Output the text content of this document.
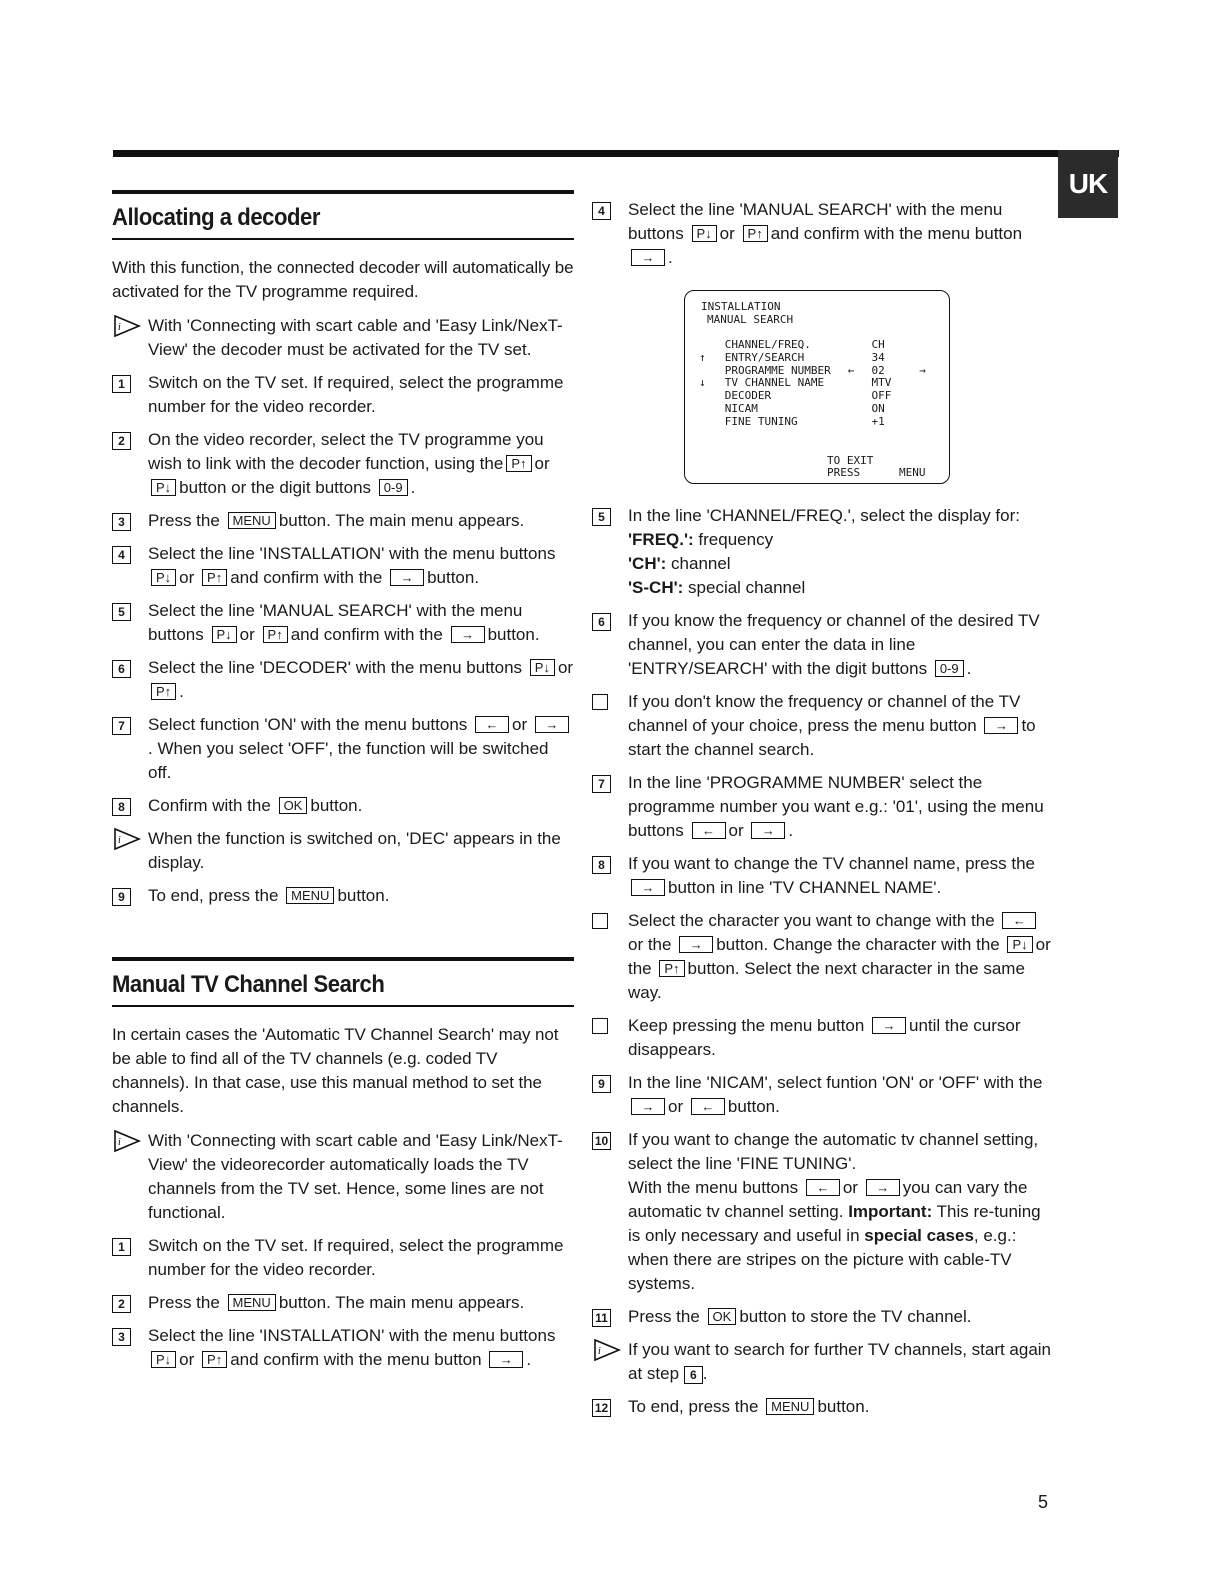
UK
Allocating a decoder

With this function, the connected decoder will automatically be activated for the TV programme required.

i With 'Connecting with scart cable and 'Easy Link/NexT-View' the decoder must be activated for the TV set.
1	Switch on the TV set. If required, select the programme number for the video recorder.
2	On the video recorder, select the TV programme you wish to link with the decoder function, using the P↑ or P↓ button or the digit buttons 0-9 .
3	Press the MENU button. The main menu appears.
4	Select the line 'INSTALLATION' with the menu buttons P↓ or P↑ and confirm with the → button.
5	Select the line 'MANUAL SEARCH' with the menu buttons P↓ or P↑ and confirm with the → button.
6	Select the line 'DECODER' with the menu buttons P↓ or P↑ .
7	Select function 'ON' with the menu buttons ← or →. When you select 'OFF', the function will be switched off.
8	Confirm with the OK button.
i When the function is switched on, 'DEC' appears in the display.
9	To end, press the MENU button.
Manual TV Channel Search

In certain cases the 'Automatic TV Channel Search' may not be able to find all of the TV channels (e.g. coded TV channels). In that case, use this manual method to set the channels.

i With 'Connecting with scart cable and 'Easy Link/NexT-View' the videorecorder automatically loads the TV channels from the TV set. Hence, some lines are not functional.
1	Switch on the TV set. If required, select the programme number for the video recorder.
2	Press the MENU button. The main menu appears.
3	Select the line 'INSTALLATION' with the menu buttons P↓ or P↑ and confirm with the menu button → .
4	Select the line 'MANUAL SEARCH' with the menu buttons P↓ or P↑ and confirm with the menu button → .
INSTALLATION
MANUAL SEARCH
CHANNEL/FREQ.	CH
↑	ENTRY/SEARCH	34
PROGRAMME NUMBER	←	02	→
↓	TV CHANNEL NAME	MTV
DECODER	OFF
NICAM	ON
FINE TUNING	+1
TO EXIT
PRESS	MENU
5	In the line 'CHANNEL/FREQ.', select the display for:
'FREQ.': frequency
'CH': channel
'S-CH': special channel
6	If you know the frequency or channel of the desired TV channel, you can enter the data in line 'ENTRY/SEARCH' with the digit buttons 0-9 .
If you don't know the frequency or channel of the TV channel of your choice, press the menu button → to start the channel search.
7	In the line 'PROGRAMME NUMBER' select the programme number you want e.g.: '01', using the menu buttons ← or → .
8	If you want to change the TV channel name, press the → button in line 'TV CHANNEL NAME'.
Select the character you want to change with the ←or the → button. Change the character with the P↓ or the P↑ button. Select the next character in the same way.
Keep pressing the menu button → until the cursor disappears.
9	In the line 'NICAM', select funtion 'ON' or 'OFF' with the → or ← button.
10	If you want to change the automatic tv channel setting, select the line 'FINE TUNING'.
With the menu buttons ← or → you can vary the automatic tv channel setting. Important: This re-tuning is only necessary and useful in special cases, e.g.: when there are stripes on the picture with cable-TV systems.
11	Press the OK button to store the TV channel.
i If you want to search for further TV channels, start again at step 6 .
12	To end, press the MENU button.
5
